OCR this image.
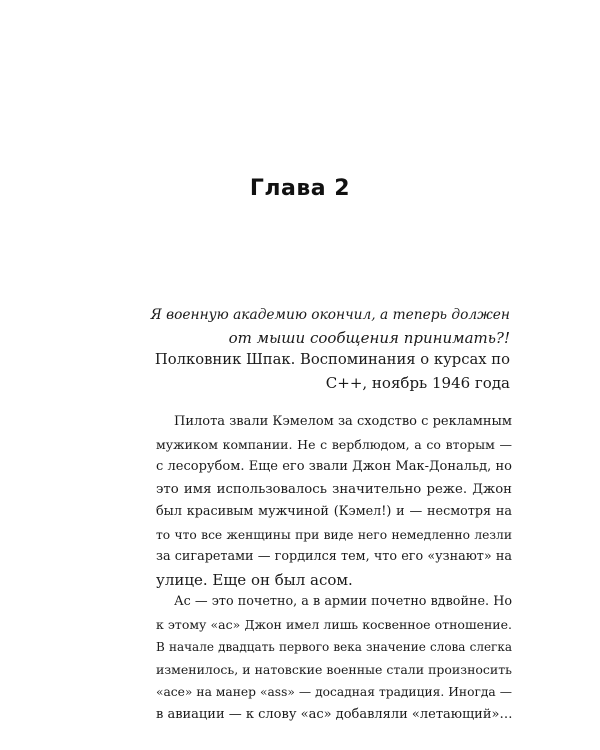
Глава 2
Я военную академию окончил, а теперь должен
от мыши сообщения принимать?!
Полковник Шпак. Воспоминания о курсах по
С++, ноябрь 1946 года
Пилота звали Кэмелом за сходство с рекламным
мужиком компании. Не с верблюдом, а со вторым —
с лесорубом. Еще его звали Джон Мак-Дональд, но
это имя использовалось значительно реже. Джон
был красивым мужчиной (Кэмел!) и — несмотря на
то что все женщины при виде него немедленно лезли
за сигаретами — гордился тем, что его «узнают» на
улице. Еще он был асом.
Ас — это почетно, а в армии почетно вдвойне. Но
к этому «ас» Джон имел лишь косвенное отношение.
В начале двадцать первого века значение слова слегка
изменилось, и натовские военные стали произносить
«асе» на манер «ass» — досадная традиция. Иногда —
в авиации — к слову «ас» добавляли «летающий»…
